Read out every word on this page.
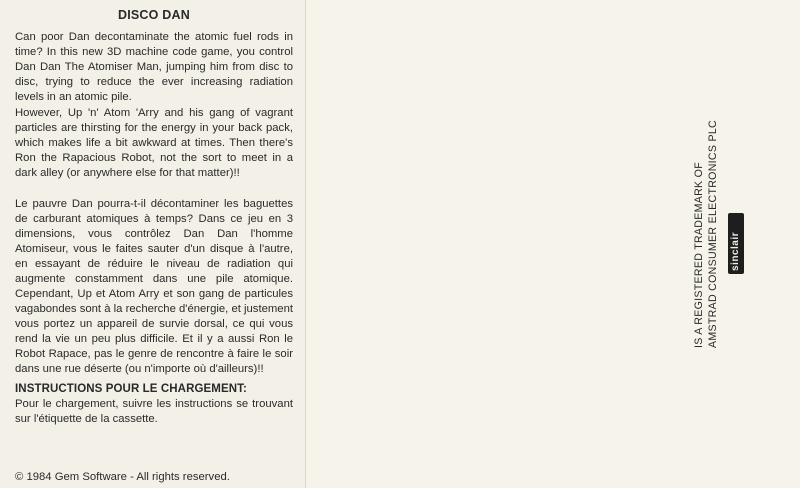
DISCO DAN

Can poor Dan decontaminate the atomic fuel rods in time? In this new 3D machine code game, you control Dan Dan The Atomiser Man, jumping him from disc to disc, trying to reduce the ever increasing radiation levels in an atomic pile.

However, Up 'n' Atom 'Arry and his gang of vagrant particles are thirsting for the energy in your back pack, which makes life a bit awkward at times. Then there's Ron the Rapacious Robot, not the sort to meet in a dark alley (or anywhere else for that matter)!!

Le pauvre Dan pourra-t-il décontaminer les baguettes de carburant atomiques à temps? Dans ce jeu en 3 dimensions, vous contrôlez Dan Dan l'homme Atomiseur, vous le faites sauter d'un disque à l'autre, en essayant de réduire le niveau de radiation qui augmente constamment dans une pile atomique. Cependant, Up et Atom Arry et son gang de particules vagabondes sont à la recherche d'énergie, et justement vous portez un appareil de survie dorsal, ce qui vous rend la vie un peu plus difficile. Et il y a aussi Ron le Robot Rapace, pas le genre de rencontre à faire le soir dans une rue déserte (ou n'importe où d'ailleurs)!!

INSTRUCTIONS POUR LE CHARGEMENT:

Pour le chargement, suivre les instructions se trouvant sur l'étiquette de la cassette.

© 1984 Gem Software - All rights reserved.
sinclair
IS A REGISTERED TRADEMARK OF AMSTRAD CONSUMER ELECTRONICS PLC
